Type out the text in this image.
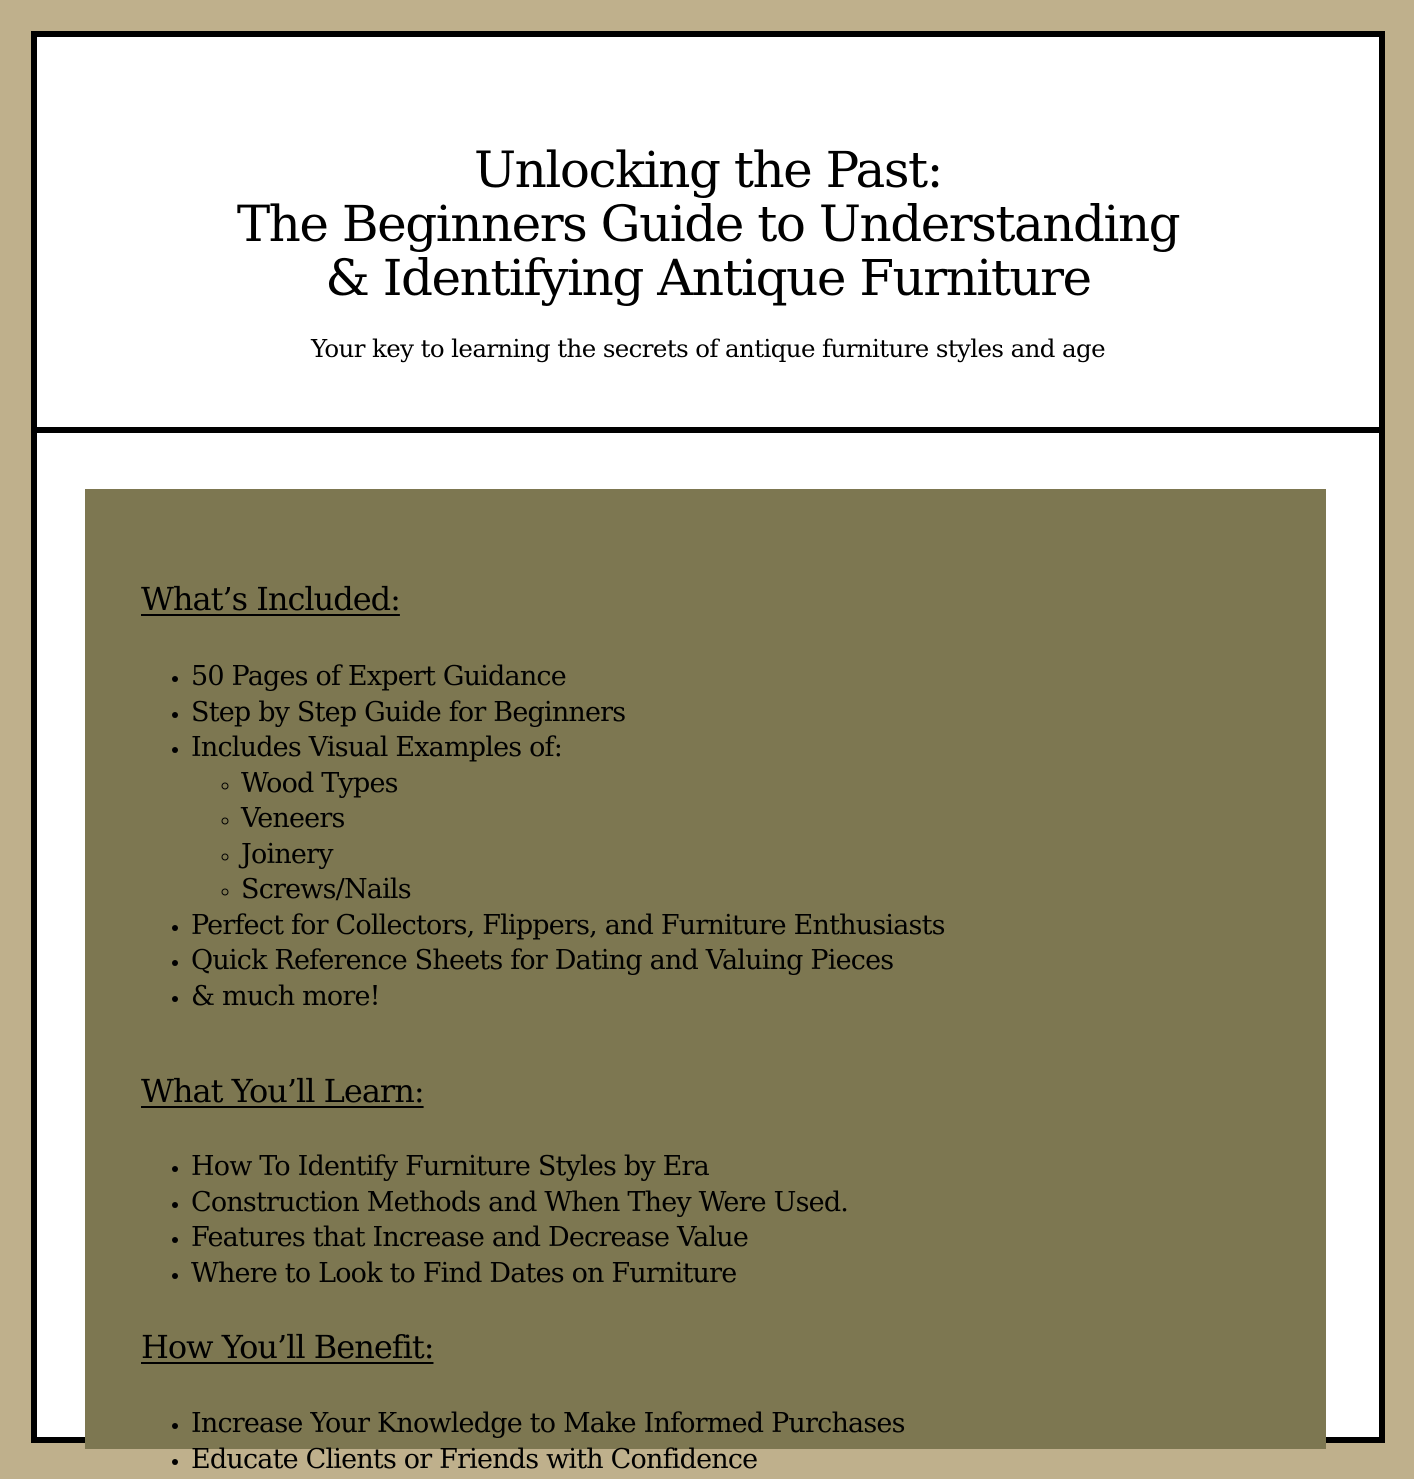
Unlocking the Past:
The Beginners Guide to Understanding
& Identifying Antique Furniture
Your key to learning the secrets of antique furniture styles and age
What’s Included:
• 50 Pages of Expert Guidance
• Step by Step Guide for Beginners
• Includes Visual Examples of:
◦ Wood Types
◦ Veneers
◦ Joinery
◦ Screws/Nails
• Perfect for Collectors, Flippers, and Furniture Enthusiasts
• Quick Reference Sheets for Dating and Valuing Pieces
• & much more!
What You’ll Learn:
• How To Identify Furniture Styles by Era
• Construction Methods and When They Were Used.
• Features that Increase and Decrease Value
• Where to Look to Find Dates on Furniture
How You’ll Benefit:
• Increase Your Knowledge to Make Informed Purchases
• Educate Clients or Friends with Confidence
